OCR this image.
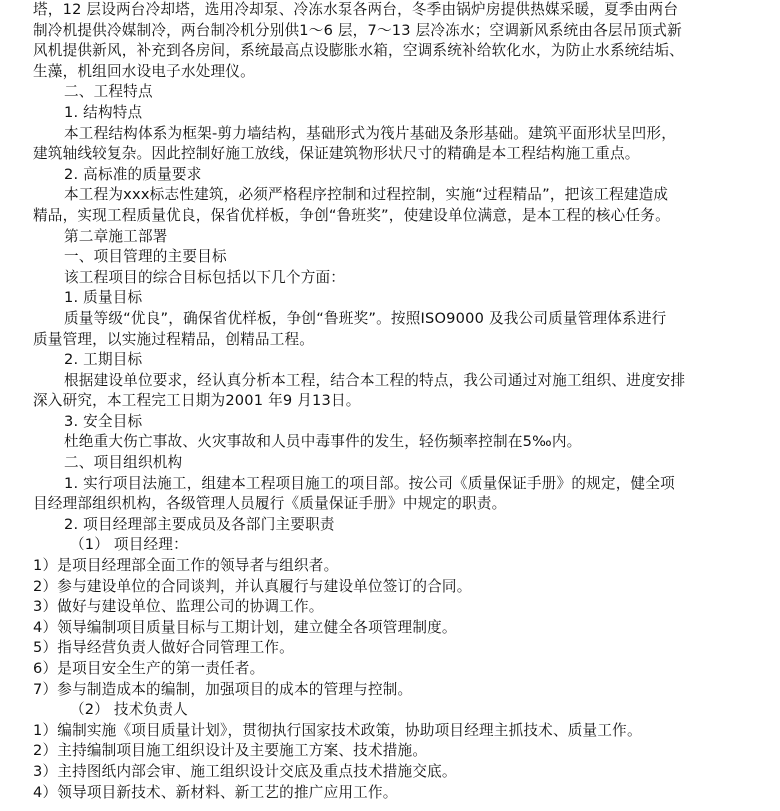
塔，12 层设两台冷却塔，选用冷却泵、冷冻水泵各两台，冬季由锅炉房提供热媒采暖，夏季由两台

制冷机提供冷媒制冷，两台制冷机分别供1～6 层，7～13 层冷冻水；空调新风系统由各层吊顶式新

风机提供新风，补充到各房间，系统最高点设膨胀水箱，空调系统补给软化水，为防止水系统结垢、

生藻，机组回水设电子水处理仪。

二、工程特点

1. 结构特点

本工程结构体系为框架-剪力墙结构，基础形式为筏片基础及条形基础。建筑平面形状呈凹形，

建筑轴线较复杂。因此控制好施工放线，保证建筑物形状尺寸的精确是本工程结构施工重点。

2. 高标准的质量要求

本工程为xxx标志性建筑，必须严格程序控制和过程控制，实施“过程精品”，把该工程建造成

精品，实现工程质量优良，保省优样板，争创“鲁班奖”，使建设单位满意，是本工程的核心任务。

第二章施工部署

一、项目管理的主要目标

该工程项目的综合目标包括以下几个方面：

1. 质量目标

质量等级“优良”，确保省优样板，争创“鲁班奖”。按照ISO9000 及我公司质量管理体系进行

质量管理，以实施过程精品，创精品工程。

2. 工期目标

根据建设单位要求，经认真分析本工程，结合本工程的特点，我公司通过对施工组织、进度安排

深入研究，本工程完工日期为2001 年9 月13日。

3. 安全目标

杜绝重大伤亡事故、火灾事故和人员中毒事件的发生，轻伤频率控制在5‰内。

二、项目组织机构

1. 实行项目法施工，组建本工程项目施工的项目部。按公司《质量保证手册》的规定，健全项

目经理部组织机构，各级管理人员履行《质量保证手册》中规定的职责。

2. 项目经理部主要成员及各部门主要职责

（1） 项目经理：

1）是项目经理部全面工作的领导者与组织者。

2）参与建设单位的合同谈判，并认真履行与建设单位签订的合同。

3）做好与建设单位、监理公司的协调工作。

4）领导编制项目质量目标与工期计划，建立健全各项管理制度。

5）指导经营负责人做好合同管理工作。

6）是项目安全生产的第一责任者。

7）参与制造成本的编制，加强项目的成本的管理与控制。

（2） 技术负责人

1）编制实施《项目质量计划》，贯彻执行国家技术政策，协助项目经理主抓技术、质量工作。

2）主持编制项目施工组织设计及主要施工方案、技术措施。

3）主持图纸内部会审、施工组织设计交底及重点技术措施交底。

4）领导项目新技术、新材料、新工艺的推广应用工作。
